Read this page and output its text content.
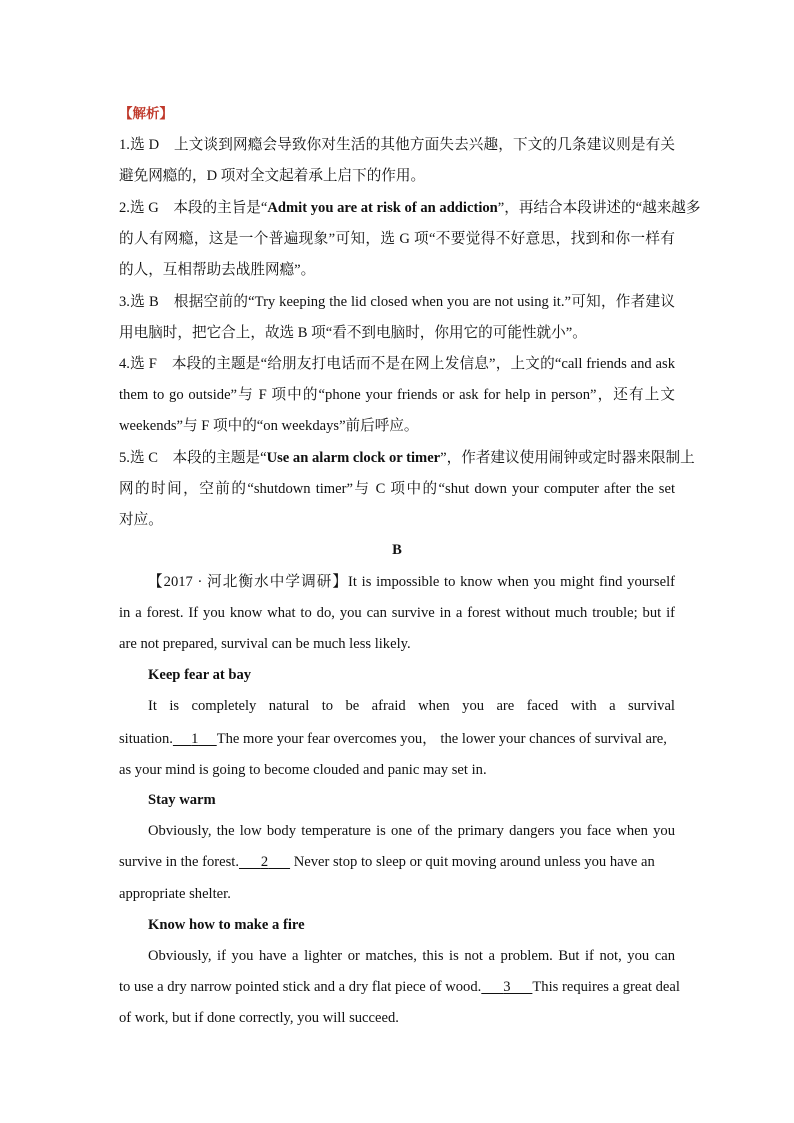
【解析】
1.选 D　上文谈到网瘾会导致你对生活的其他方面失去兴趣，下文的几条建议则是有关
避免网瘾的，D 项对全文起着承上启下的作用。
2.选 G　本段的主旨是“Admit you are at risk of an addiction”，再结合本段讲述的“越来越多
的人有网瘾，这是一个普遍现象”可知，选 G 项“不要觉得不好意思，找到和你一样有
的人，互相帮助去战胜网瘾”。
3.选 B　根据空前的“Try keeping the lid closed when you are not using it.”可知，作者建议
用电脑时，把它合上，故选 B 项“看不到电脑时，你用它的可能性就小”。
4.选 F　本段的主题是“给朋友打电话而不是在网上发信息”，上文的“call friends and ask
them to go outside”与 F 项中的“phone your friends or ask for help in person”，还有上文
weekends”与 F 项中的“on weekdays”前后呼应。
5.选 C　本段的主题是“Use an alarm clock or timer”，作者建议使用闹钟或定时器来限制上
网的时间，空前的“shutdown timer”与 C 项中的“shut down your computer after the set
对应。
B
【2017 · 河北衡水中学调研】It is impossible to know when you might find yourself
in a forest. If you know what to do, you can survive in a forest without much trouble; but if
are not prepared, survival can be much less likely.
Keep fear at bay
It is completely natural to be afraid when you are faced with a survival
situation. 1 The more your fear overcomes you， the lower your chances of survival are,
as your mind is going to become clouded and panic may set in.
Stay warm
Obviously, the low body temperature is one of the primary dangers you face when you
survive in the forest. 2 Never stop to sleep or quit moving around unless you have an
appropriate shelter.
Know how to make a fire
Obviously, if you have a lighter or matches, this is not a problem. But if not, you can
to use a dry narrow pointed stick and a dry flat piece of wood. 3 This requires a great deal
of work, but if done correctly, you will succeed.
